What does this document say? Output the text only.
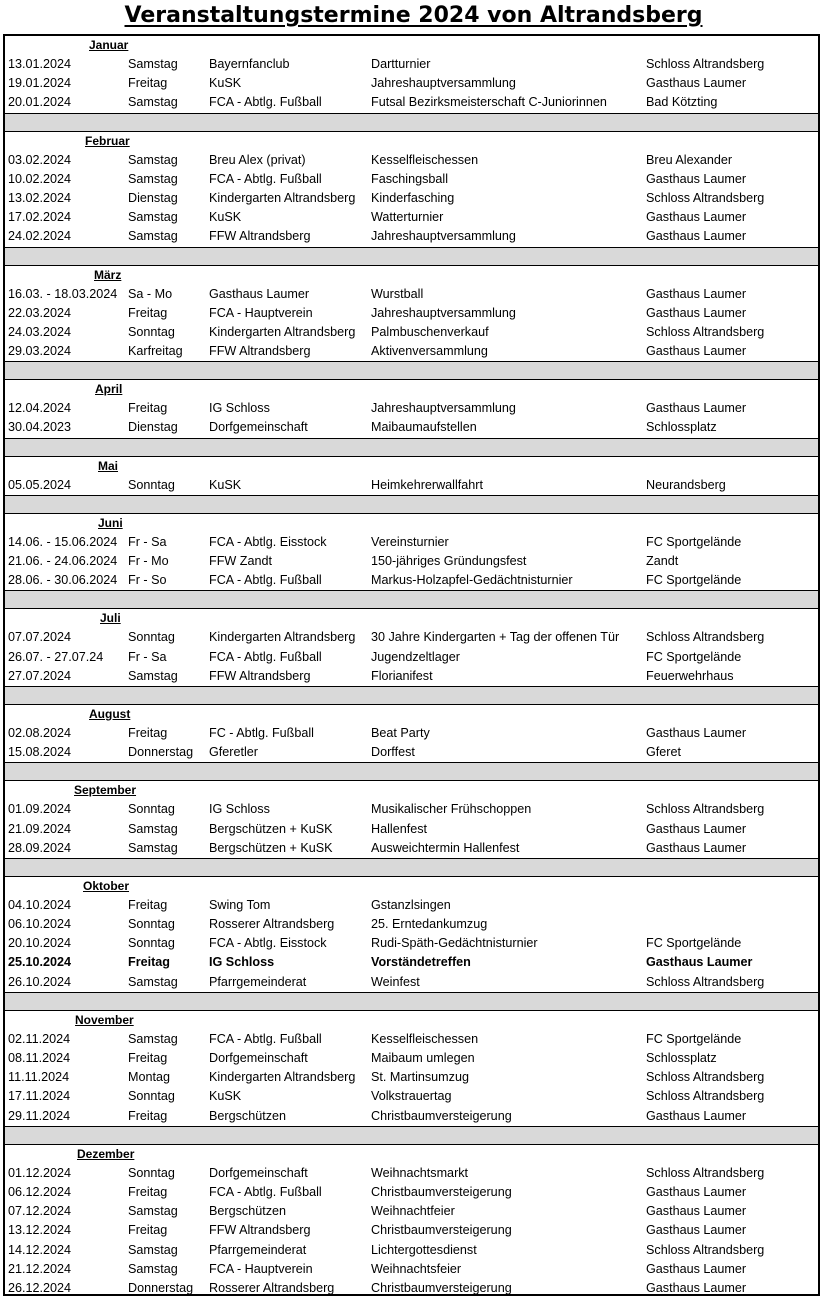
Veranstaltungstermine 2024 von Altrandsberg
Januar
13.01.2024	Samstag	Bayernfanclub	Dartturnier	Schloss Altrandsberg
19.01.2024	Freitag	KuSK	Jahreshauptversammlung	Gasthaus Laumer
20.01.2024	Samstag	FCA - Abtlg. Fußball	Futsal Bezirksmeisterschaft C-Juniorinnen	Bad Kötzting
Februar
03.02.2024	Samstag	Breu Alex (privat)	Kesselfleischessen	Breu Alexander
10.02.2024	Samstag	FCA - Abtlg. Fußball	Faschingsball	Gasthaus Laumer
13.02.2024	Dienstag	Kindergarten Altrandsberg	Kinderfasching	Schloss Altrandsberg
17.02.2024	Samstag	KuSK	Watterturnier	Gasthaus Laumer
24.02.2024	Samstag	FFW Altrandsberg	Jahreshauptversammlung	Gasthaus Laumer
März
16.03. - 18.03.2024 Sa - Mo	Gasthaus Laumer	Wurstball	Gasthaus Laumer
22.03.2024	Freitag	FCA - Hauptverein	Jahreshauptversammlung	Gasthaus Laumer
24.03.2024	Sonntag	Kindergarten Altrandsberg	Palmbuschenverkauf	Schloss Altrandsberg
29.03.2024	Karfreitag	FFW Altrandsberg	Aktivenversammlung	Gasthaus Laumer
April
12.04.2024	Freitag	IG Schloss	Jahreshauptversammlung	Gasthaus Laumer
30.04.2023	Dienstag	Dorfgemeinschaft	Maibaumaufstellen	Schlossplatz
Mai
05.05.2024	Sonntag	KuSK	Heimkehrerwallfahrt	Neurandsberg
Juni
14.06. - 15.06.2024 Fr - Sa	FCA - Abtlg. Eisstock	Vereinsturnier	FC Sportgelände
21.06. - 24.06.2024 Fr - Mo	FFW Zandt	150-jähriges Gründungsfest	Zandt
28.06. - 30.06.2024 Fr - So	FCA - Abtlg. Fußball	Markus-Holzapfel-Gedächtnisturnier	FC Sportgelände
Juli
07.07.2024	Sonntag	Kindergarten Altrandsberg	30 Jahre Kindergarten + Tag der offenen Tür	Schloss Altrandsberg
26.07. - 27.07.24	Fr - Sa	FCA - Abtlg. Fußball	Jugendzeltlager	FC Sportgelände
27.07.2024	Samstag	FFW Altrandsberg	Florianifest	Feuerwehrhaus
August
02.08.2024	Freitag	FC - Abtlg. Fußball	Beat Party	Gasthaus Laumer
15.08.2024	Donnerstag	Gferetler	Dorffest	Gferet
September
01.09.2024	Sonntag	IG Schloss	Musikalischer Frühschoppen	Schloss Altrandsberg
21.09.2024	Samstag	Bergschützen + KuSK	Hallenfest	Gasthaus Laumer
28.09.2024	Samstag	Bergschützen + KuSK	Ausweichtermin Hallenfest	Gasthaus Laumer
Oktober
04.10.2024	Freitag	Swing Tom	Gstanzlsingen
06.10.2024	Sonntag	Rosserer Altrandsberg	25. Erntedankumzug
20.10.2024	Sonntag	FCA - Abtlg. Eisstock	Rudi-Späth-Gedächtnisturnier	FC Sportgelände
25.10.2024	Freitag	IG Schloss	Vorständetreffen	Gasthaus Laumer
26.10.2024	Samstag	Pfarrgemeinderat	Weinfest	Schloss Altrandsberg
November
02.11.2024	Samstag	FCA - Abtlg. Fußball	Kesselfleischessen	FC Sportgelände
08.11.2024	Freitag	Dorfgemeinschaft	Maibaum umlegen	Schlossplatz
11.11.2024	Montag	Kindergarten Altrandsberg	St. Martinsumzug	Schloss Altrandsberg
17.11.2024	Sonntag	KuSK	Volkstrauertag	Schloss Altrandsberg
29.11.2024	Freitag	Bergschützen	Christbaumversteigerung	Gasthaus Laumer
Dezember
01.12.2024	Sonntag	Dorfgemeinschaft	Weihnachtsmarkt	Schloss Altrandsberg
06.12.2024	Freitag	FCA - Abtlg. Fußball	Christbaumversteigerung	Gasthaus Laumer
07.12.2024	Samstag	Bergschützen	Weihnachtfeier	Gasthaus Laumer
13.12.2024	Freitag	FFW Altrandsberg	Christbaumversteigerung	Gasthaus Laumer
14.12.2024	Samstag	Pfarrgemeinderat	Lichtergottesdienst	Schloss Altrandsberg
21.12.2024	Samstag	FCA - Hauptverein	Weihnachtsfeier	Gasthaus Laumer
26.12.2024	Donnerstag	Rosserer Altrandsberg	Christbaumversteigerung	Gasthaus Laumer
